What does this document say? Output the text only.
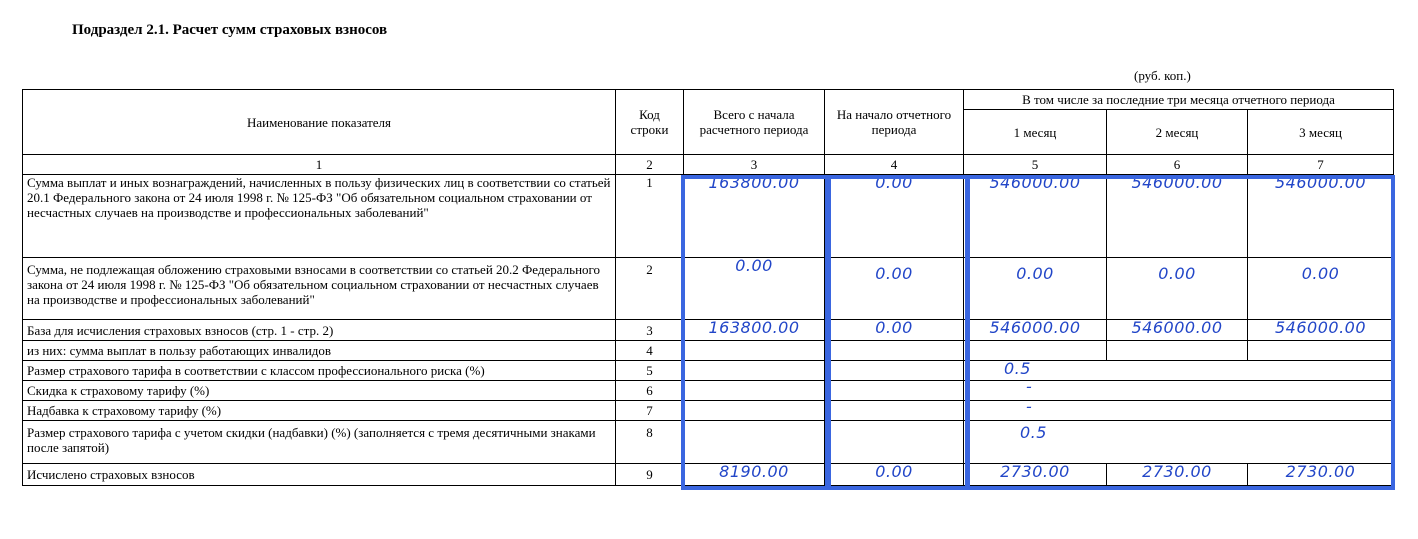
Подраздел 2.1. Расчет сумм страховых взносов
(руб. коп.)
Наименование показателя	Код строки	Всего с начала расчетного периода	На начало отчетного периода	В том числе за последние три месяца отчетного периода		
				1 месяц	2 месяц	3 месяц
1	2	3	4	5	6	7
Сумма выплат и иных вознаграждений, начисленных в пользу физических лиц в соответствии со статьей 20.1 Федерального закона от 24 июля 1998 г. № 125-ФЗ "Об обязательном социальном страховании от несчастных случаев на производстве и профессиональных заболеваний"	1	163800.00	0.00	546000.00	546000.00	546000.00

Сумма, не подлежащая обложению страховыми взносами в соответствии со статьей 20.2 Федерального закона от 24 июля 1998 г. № 125-ФЗ "Об обязательном социальном страховании от несчастных случаев на производстве и профессиональных заболеваний"	2	0.00	0.00	0.00	0.00	0.00

База для исчисления страховых взносов (стр. 1 - стр. 2)	3	163800.00	0.00	546000.00	546000.00	546000.00

из них: сумма выплат в пользу работающих инвалидов	4					
Размер страхового тарифа в соответствии с классом профессионального риска (%)	5			0.5		

Скидка к страховому тарифу (%)	6			-		

Надбавка к страховому тарифу (%)	7			-		

Размер страхового тарифа с учетом скидки (надбавки) (%) (заполняется с тремя десятичными знаками после запятой)	8			0.5		

Исчислено страховых взносов	9	8190.00	0.00	2730.00	2730.00	2730.00
